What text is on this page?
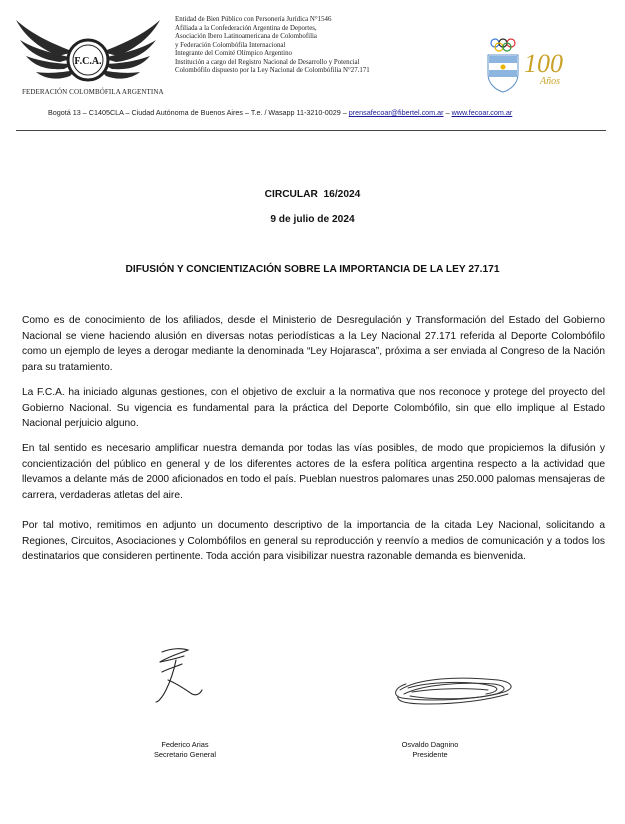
F.C.A.
FEDERACIÓN COLOMBÓFILA ARGENTINA
Entidad de Bien Público con Personería Jurídica N°1546
Afiliada a la Confederación Argentina de Deportes,
Asociación Ibero Latinoamericana de Colombofilia
y Federación Colombófila Internacional
Integrante del Comité Olímpico Argentino
Institución a cargo del Registro Nacional de Desarrollo y Potencial
Colombófilo dispuesto por la Ley Nacional de Colombófilia N°27.171	100
Años
Bogotá 13 – C1405CLA – Ciudad Autónoma de Buenos Aires – T.e. / Wasapp 11-3210-0029 – prensafecoar@fibertel.com.ar – www.fecoar.com.ar
CIRCULAR  16/2024
9 de julio de 2024
DIFUSIÓN Y CONCIENTIZACIÓN SOBRE LA IMPORTANCIA DE LA LEY 27.171
Como es de conocimiento de los afiliados, desde el Ministerio de Desregulación y Transformación del Estado del Gobierno Nacional se viene haciendo alusión en diversas notas periodísticas a la Ley Nacional 27.171 referida al Deporte Colombófilo como un ejemplo de leyes a derogar mediante la denominada “Ley Hojarasca”, próxima a ser enviada al Congreso de la Nación para su tratamiento.
La F.C.A. ha iniciado algunas gestiones, con el objetivo de excluir a la normativa que nos reconoce y protege del proyecto del Gobierno Nacional. Su vigencia es fundamental para la práctica del Deporte Colombófilo, sin que ello implique al Estado Nacional perjuicio alguno.
En tal sentido es necesario amplificar nuestra demanda por todas las vías posibles, de modo que propiciemos la difusión y concientización del público en general y de los diferentes actores de la esfera política argentina respecto a la actividad que llevamos a delante más de 2000 aficionados en todo el país. Pueblan nuestros palomares unas 250.000 palomas mensajeras de carrera, verdaderas atletas del aire.
Por tal motivo, remitimos en adjunto un documento descriptivo de la importancia de la citada Ley Nacional, solicitando a Regiones, Circuitos, Asociaciones y Colombófilos en general su reproducción y reenvío a medios de comunicación y a todos los destinatarios que consideren pertinente. Toda acción para visibilizar nuestra razonable demanda es bienvenida.
Federico Arias
Secretario General
Osvaldo Dagnino
Presidente
